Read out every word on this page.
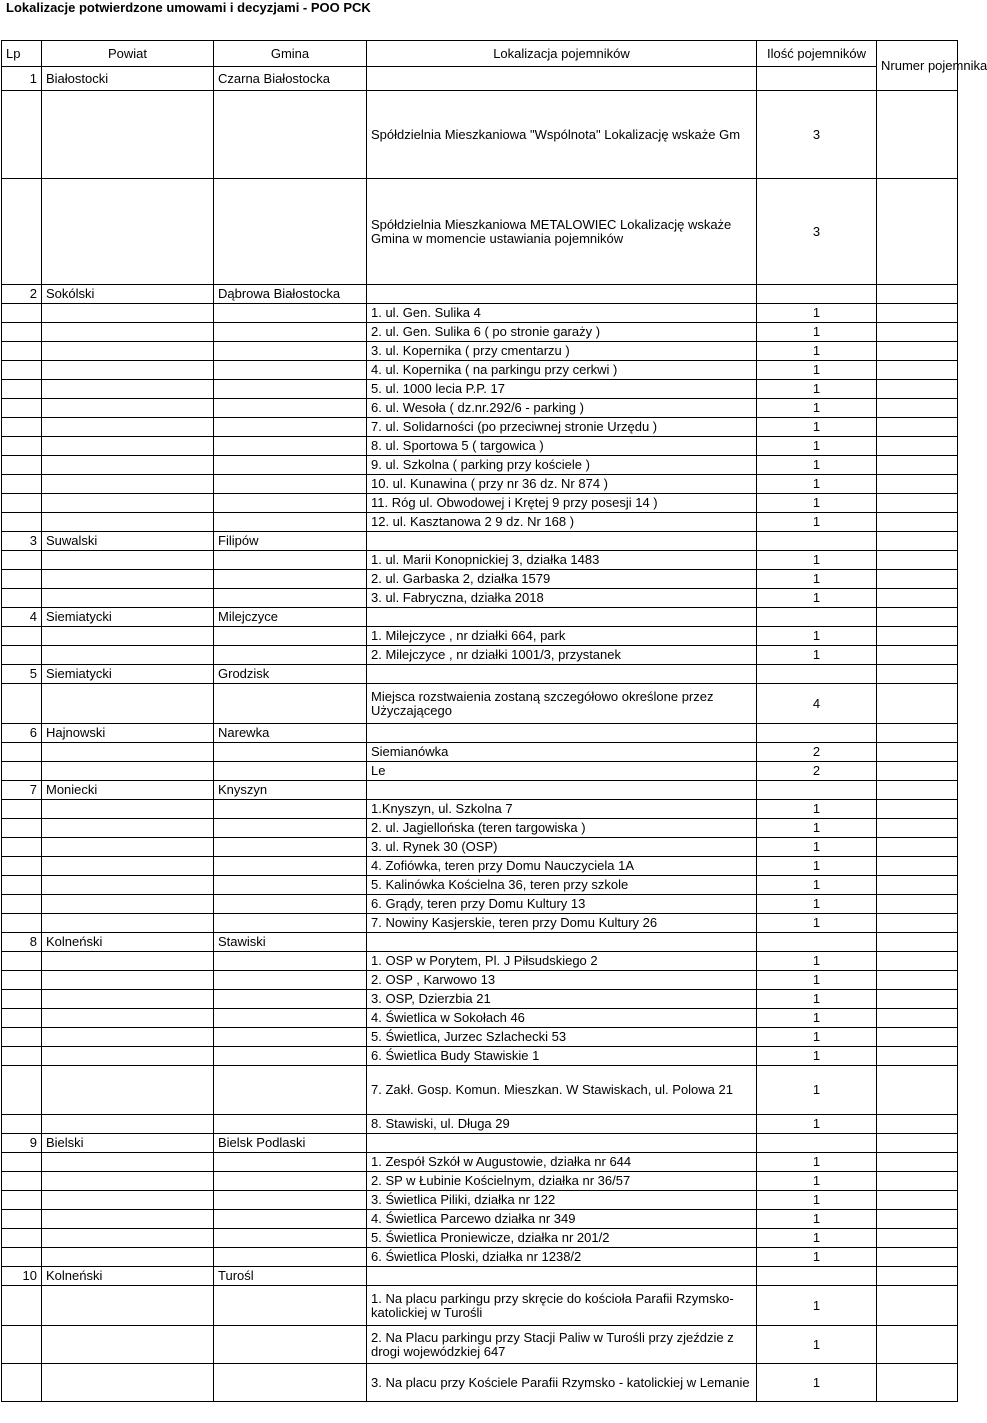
Lokalizacje potwierdzone umowami i decyzjami - POO PCK
Lp	Powiat	Gmina	Lokalizacja pojemników	Ilość pojemników	Nrumer pojemnika
1	Białostocki	Czarna Białostocka			
			Spółdzielnia Mieszkaniowa "Wspólnota" Lokalizację wskaże Gm	3	
			Spółdzielnia Mieszkaniowa METALOWIEC Lokalizację wskaże Gmina w momencie ustawiania pojemników	3	
2	Sokólski	Dąbrowa Białostocka			
			1. ul. Gen. Sulika 4	1	
			2. ul. Gen. Sulika 6 ( po stronie garaży )	1	
			3. ul. Kopernika ( przy cmentarzu )	1	
			4. ul. Kopernika ( na parkingu przy cerkwi )	1	
			5. ul. 1000 lecia P.P. 17	1	
			6. ul. Wesoła ( dz.nr.292/6 - parking )	1	
			7. ul. Solidarności (po przeciwnej stronie Urzędu )	1	
			8. ul. Sportowa 5 ( targowica )	1	
			9. ul. Szkolna ( parking przy kościele )	1	
			10. ul. Kunawina ( przy nr 36 dz. Nr 874 )	1	
			11. Róg ul. Obwodowej i Krętej 9 przy posesji 14 )	1	
			12. ul. Kasztanowa 2 9 dz. Nr 168 )	1	
3	Suwalski	Filipów			
			1. ul. Marii Konopnickiej 3, działka 1483	1	
			2. ul. Garbaska 2, działka 1579	1	
			3. ul. Fabryczna, działka 2018	1	
4	Siemiatycki	Milejczyce			
			1. Milejczyce , nr działki 664, park	1	
			2. Milejczyce , nr działki 1001/3, przystanek	1	
5	Siemiatycki	Grodzisk			
			Miejsca rozstwaienia zostaną szczegółowo określone przez Użyczającego	4	
6	Hajnowski	Narewka			
			Siemianówka	2	
			Le	2	
7	Moniecki	Knyszyn			
			1.Knyszyn, ul. Szkolna 7	1	
			2. ul. Jagiellońska (teren targowiska )	1	
			3. ul. Rynek 30 (OSP)	1	
			4. Zofiówka, teren przy Domu Nauczyciela 1A	1	
			5. Kalinówka Kościelna 36, teren przy szkole	1	
			6. Grądy, teren przy Domu Kultury 13	1	
			7. Nowiny Kasjerskie, teren przy Domu Kultury 26	1	
8	Kolneński	Stawiski			
			1. OSP w Porytem, Pl. J Piłsudskiego 2	1	
			2. OSP , Karwowo 13	1	
			3. OSP, Dzierzbia 21	1	
			4. Świetlica w Sokołach 46	1	
			5. Świetlica, Jurzec Szlachecki 53	1	
			6. Świetlica Budy Stawiskie 1	1	
			7. Zakł. Gosp. Komun. Mieszkan. W Stawiskach, ul. Polowa 21	1	
			8. Stawiski, ul. Długa 29	1	
9	Bielski	Bielsk Podlaski			
			1. Zespół Szkół w Augustowie, działka nr 644	1	
			2. SP w Łubinie Kościelnym, działka nr 36/57	1	
			3. Świetlica Piliki, działka nr 122	1	
			4. Świetlica Parcewo działka nr 349	1	
			5. Świetlica Proniewicze, działka nr 201/2	1	
			6. Świetlica Ploski, działka nr 1238/2	1	
10	Kolneński	Turośl			
			1. Na placu parkingu przy skręcie do kościoła Parafii Rzymsko-katolickiej w Turośli	1	
			2. Na Placu parkingu przy Stacji Paliw w Turośli przy zjeździe z drogi wojewódzkiej 647	1	
			3. Na placu przy Kościele Parafii Rzymsko - katolickiej w Lemanie	1	
